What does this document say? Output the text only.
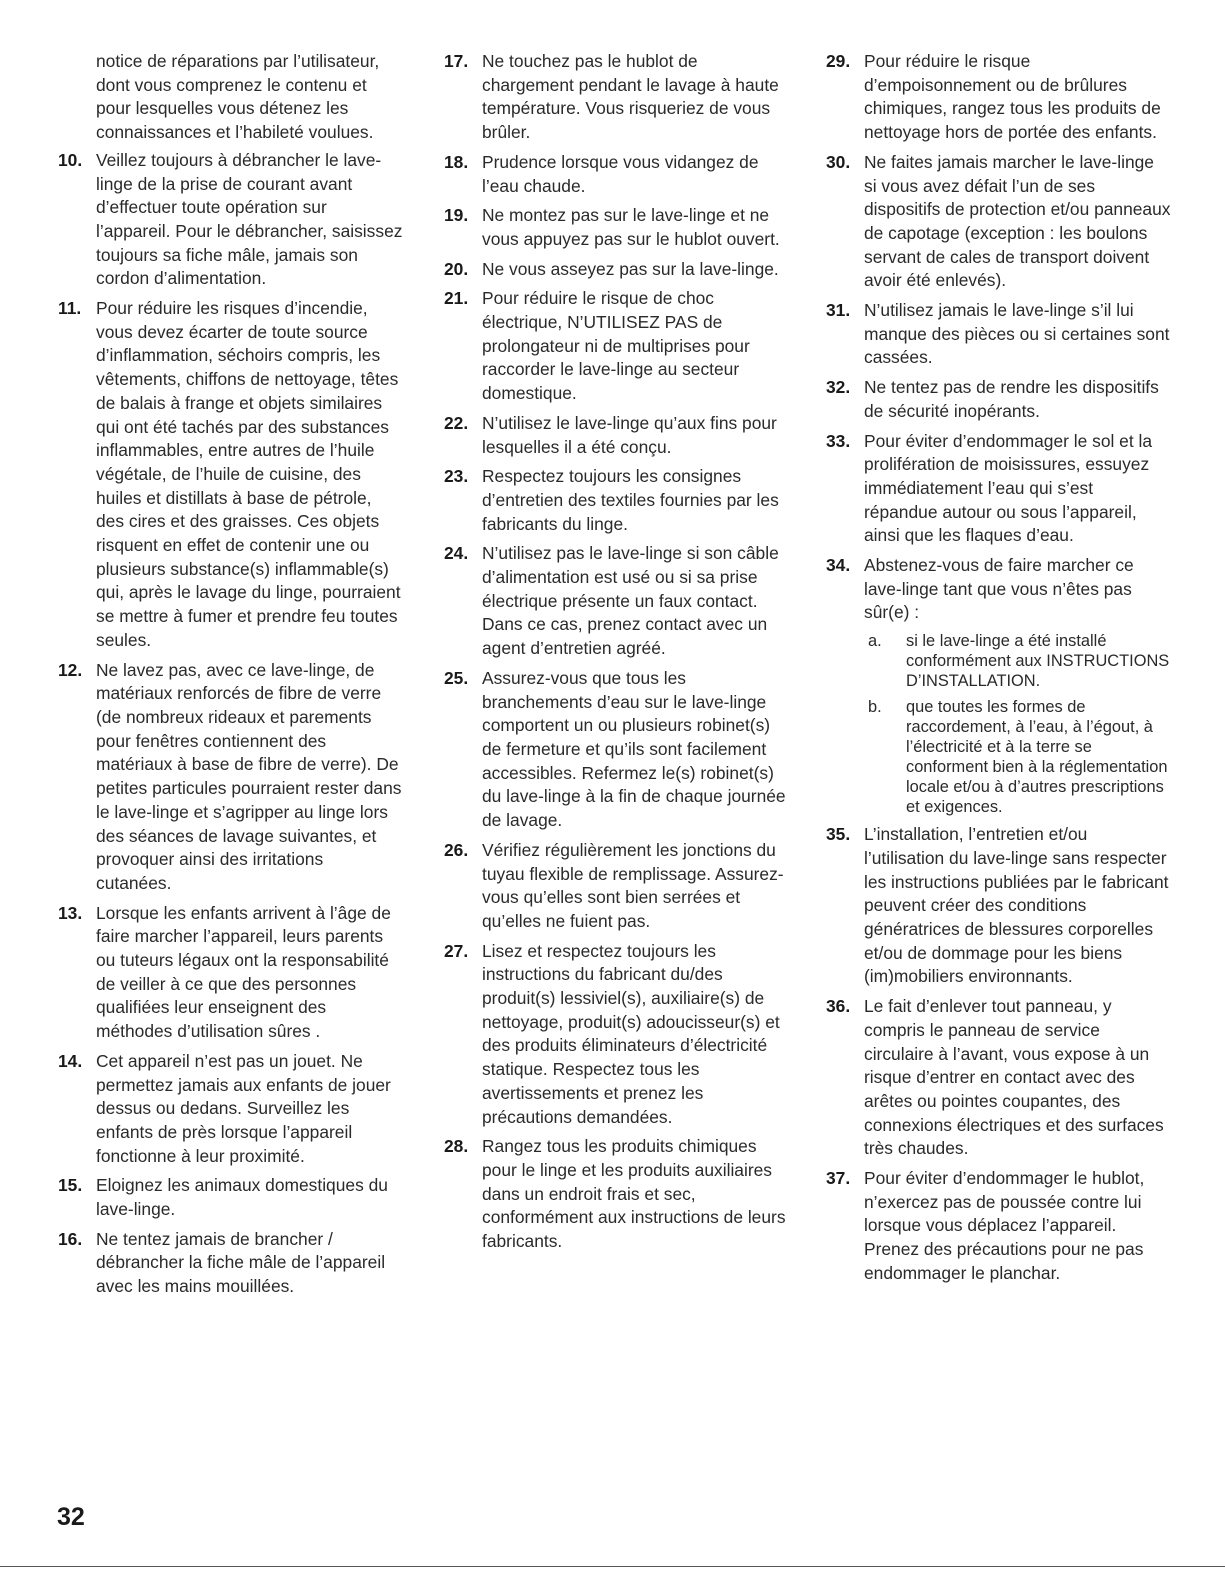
notice de réparations par l’utilisateur, dont vous comprenez le contenu et pour lesquelles vous détenez les connaissances et l’habileté voulues.

10. Veillez toujours à débrancher le lave-linge de la prise de courant avant d’effectuer toute opération sur l’appareil. Pour le débrancher, saisissez toujours sa fiche mâle, jamais son cordon d’alimentation.
11. Pour réduire les risques d’incendie, vous devez écarter de toute source d’inflammation, séchoirs compris, les vêtements, chiffons de nettoyage, têtes de balais à frange et objets similaires qui ont été tachés par des substances inflammables, entre autres de l’huile végétale, de l’huile de cuisine, des huiles et distillats à base de pétrole, des cires et des graisses. Ces objets risquent en effet de contenir une ou plusieurs substance(s) inflammable(s) qui, après le lavage du linge, pourraient se mettre à fumer et prendre feu toutes seules.
12. Ne lavez pas, avec ce lave-linge, de matériaux renforcés de fibre de verre (de nombreux rideaux et parements pour fenêtres contiennent des matériaux à base de fibre de verre). De petites particules pourraient rester dans le lave-linge et s’agripper au linge lors des séances de lavage suivantes, et provoquer ainsi des irritations cutanées.
13. Lorsque les enfants arrivent à l’âge de faire marcher l’appareil, leurs parents ou tuteurs légaux ont la responsabilité de veiller à ce que des personnes qualifiées leur enseignent des méthodes d’utilisation sûres .
14. Cet appareil n’est pas un jouet. Ne permettez jamais aux enfants de jouer dessus ou dedans. Surveillez les enfants de près lorsque l’appareil fonctionne à leur proximité.
15. Eloignez les animaux domestiques du lave-linge.
16. Ne tentez jamais de brancher / débrancher la fiche mâle de l’appareil avec les mains mouillées.
17. Ne touchez pas le hublot de chargement pendant le lavage à haute température. Vous risqueriez de vous brûler.
18. Prudence lorsque vous vidangez de l’eau chaude.
19. Ne montez pas sur le lave-linge et ne vous appuyez pas sur le hublot ouvert.
20. Ne vous asseyez pas sur la lave-linge.
21. Pour réduire le risque de choc électrique, N’UTILISEZ PAS de prolongateur ni de multiprises pour raccorder le lave-linge au secteur domestique.
22. N’utilisez le lave-linge qu’aux fins pour lesquelles il a été conçu.
23. Respectez toujours les consignes d’entretien des textiles fournies par les fabricants du linge.
24. N’utilisez pas le lave-linge si son câble d’alimentation est usé ou si sa prise électrique présente un faux contact. Dans ce cas, prenez contact avec un agent d’entretien agréé.
25. Assurez-vous que tous les branchements d’eau sur le lave-linge comportent un ou plusieurs robinet(s) de fermeture et qu’ils sont facilement accessibles. Refermez le(s) robinet(s) du lave-linge à la fin de chaque journée de lavage.
26. Vérifiez régulièrement les jonctions du tuyau flexible de remplissage. Assurez-vous qu’elles sont bien serrées et qu’elles ne fuient pas.
27. Lisez et respectez toujours les instructions du fabricant du/des produit(s) lessiviel(s), auxiliaire(s) de nettoyage, produit(s) adoucisseur(s) et des produits éliminateurs d’électricité statique. Respectez tous les avertissements et prenez les précautions demandées.
28. Rangez tous les produits chimiques pour le linge et les produits auxiliaires dans un endroit frais et sec, conformément aux instructions de leurs fabricants.
29. Pour réduire le risque d’empoisonnement ou de brûlures chimiques, rangez tous les produits de nettoyage hors de portée des enfants.
30. Ne faites jamais marcher le lave-linge si vous avez défait l’un de ses dispositifs de protection et/ou panneaux de capotage (exception : les boulons servant de cales de transport doivent avoir été enlevés).
31. N’utilisez jamais le lave-linge s’il lui manque des pièces ou si certaines sont cassées.
32. Ne tentez pas de rendre les dispositifs de sécurité inopérants.
33. Pour éviter d’endommager le sol et la prolifération de moisissures, essuyez immédiatement l’eau qui s’est répandue autour ou sous l’appareil, ainsi que les flaques d’eau.
34. Abstenez-vous de faire marcher ce lave-linge tant que vous n’êtes pas sûr(e) :
a. si le lave-linge a été installé conformément aux INSTRUCTIONS D’INSTALLATION.
b. que toutes les formes de raccordement, à l’eau, à l’égout, à l’électricité et à la terre se conforment bien à la réglementation locale et/ou à d’autres prescriptions et exigences.
35. L’installation, l’entretien et/ou l’utilisation du lave-linge sans respecter les instructions publiées par le fabricant peuvent créer des conditions génératrices de blessures corporelles et/ou de dommage pour les biens (im)mobiliers environnants.
36. Le fait d’enlever tout panneau, y compris le panneau de service circulaire à l’avant, vous expose à un risque d’entrer en contact avec des arêtes ou pointes coupantes, des connexions électriques et des surfaces très chaudes.
37. Pour éviter d’endommager le hublot, n’exercez pas de poussée contre lui lorsque vous déplacez l’appareil. Prenez des précautions pour ne pas endommager le planchar.
32
